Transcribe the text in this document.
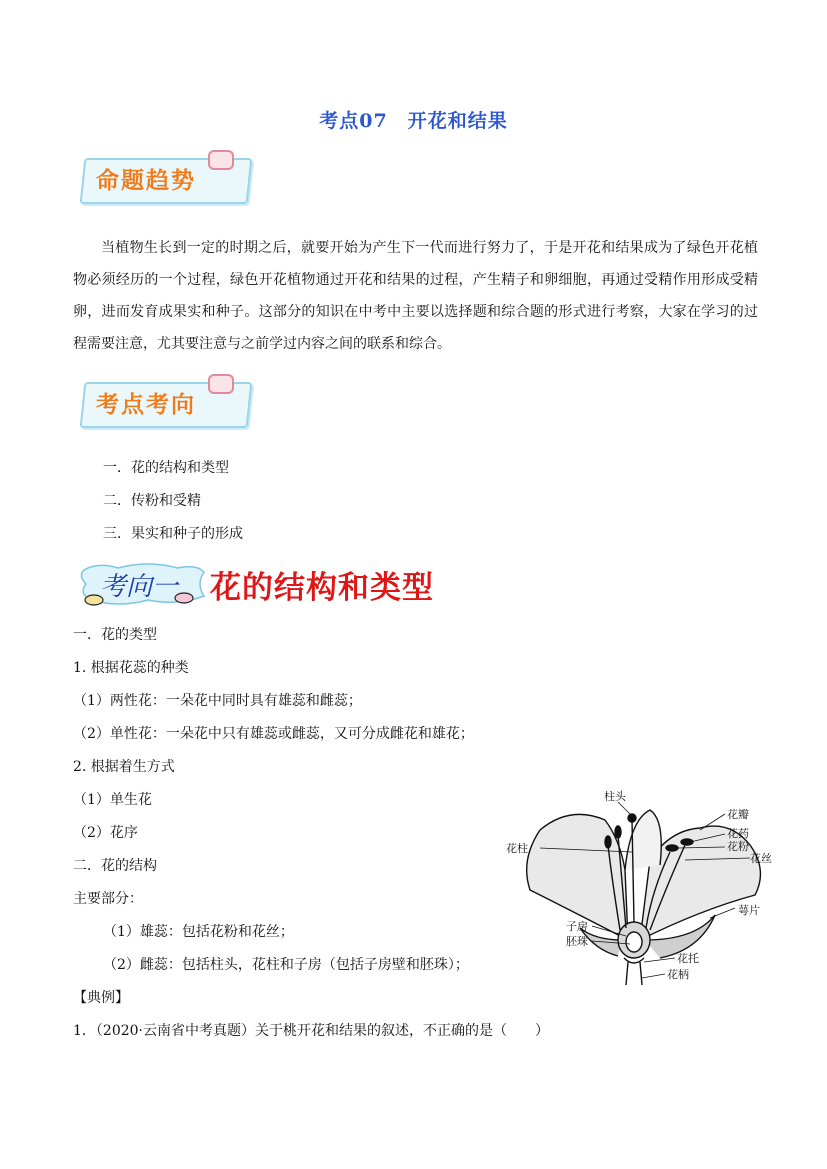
考点07　开花和结果
命题趋势
当植物生长到一定的时期之后，就要开始为产生下一代而进行努力了，于是开花和结果成为了绿色开花植物必须经历的一个过程，绿色开花植物通过开花和结果的过程，产生精子和卵细胞，再通过受精作用形成受精卵，进而发育成果实和种子。这部分的知识在中考中主要以选择题和综合题的形式进行考察，大家在学习的过程需要注意，尤其要注意与之前学过内容之间的联系和综合。
考点考向
一．花的结构和类型
二．传粉和受精
三．果实和种子的形成
考向一 花的结构和类型
一．花的类型
1. 根据花蕊的种类
（1）两性花：一朵花中同时具有雄蕊和雌蕊；
（2）单性花：一朵花中只有雄蕊或雌蕊，又可分成雌花和雄花；
2. 根据着生方式
（1）单生花
（2）花序
二．花的结构
主要部分：
（1）雄蕊：包括花粉和花丝；
（2）雌蕊：包括柱头，花柱和子房（包括子房壁和胚珠）；
【典例】
1．（2020·云南省中考真题）关于桃开花和结果的叙述，不正确的是（　　）
柱头
花瓣
花药
花粉
花丝
花柱
萼片
子房
胚珠
花托
花柄
